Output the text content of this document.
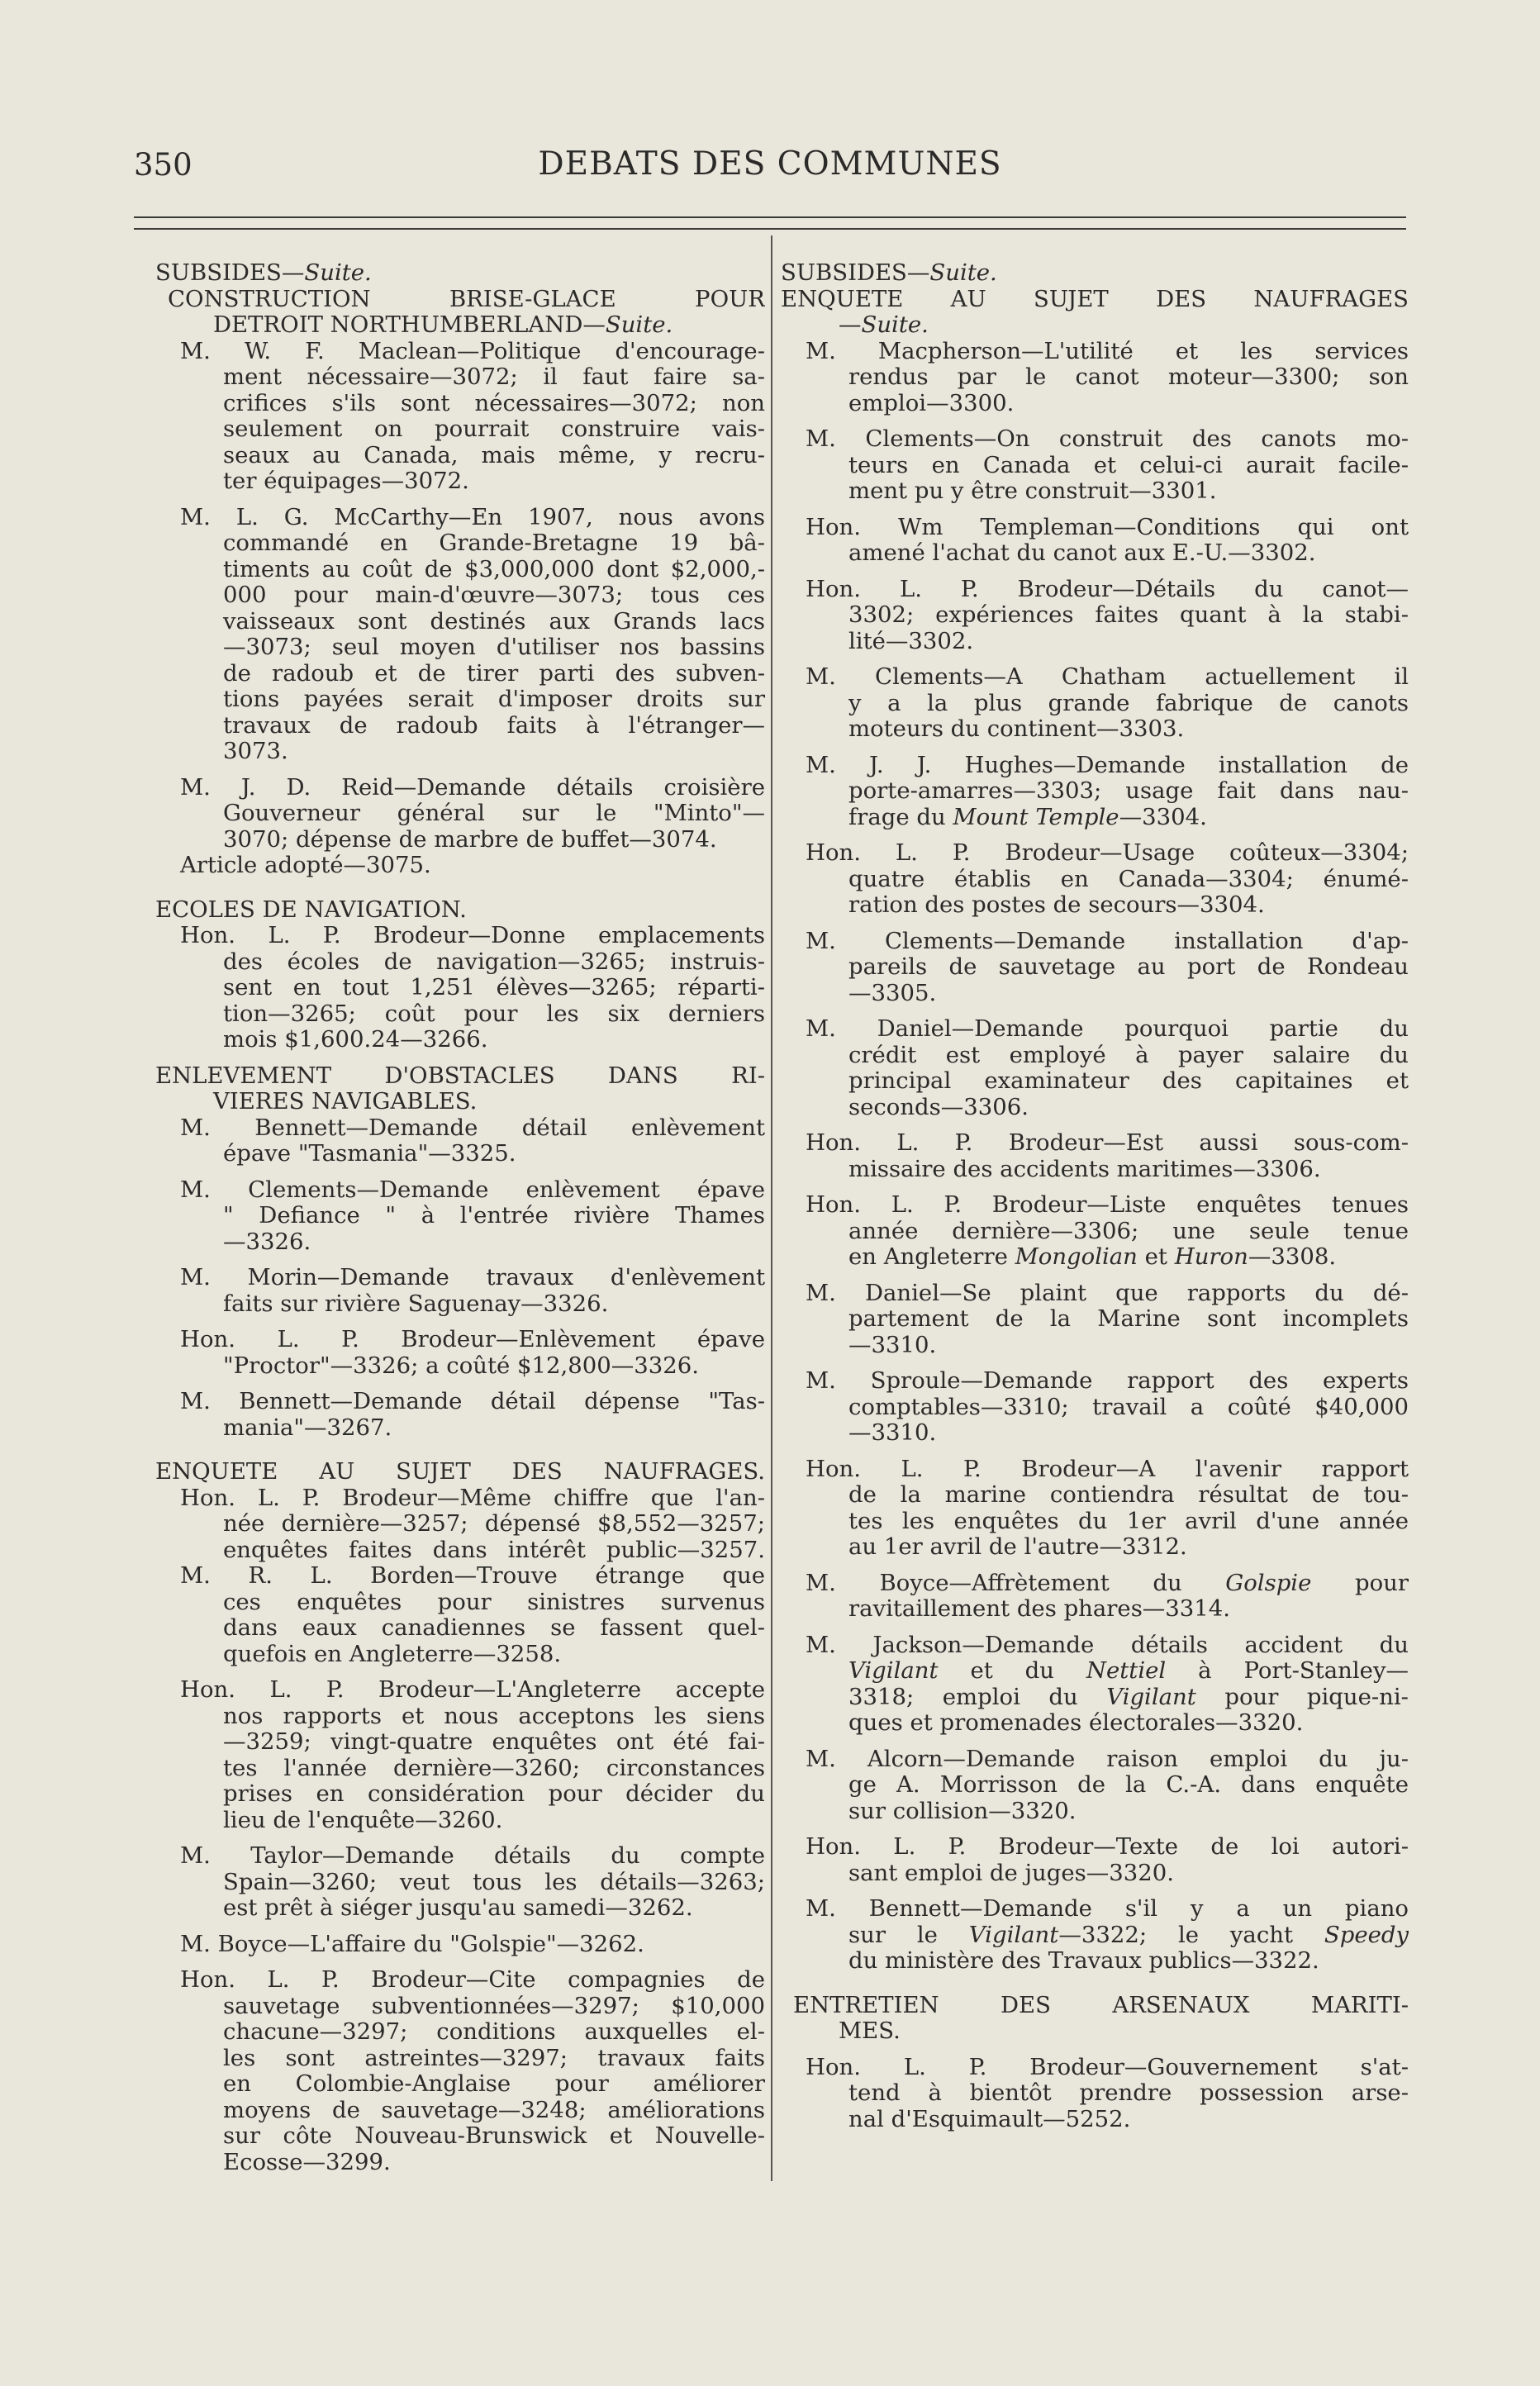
350	DEBATS DES COMMUNES
SUBSIDES—Suite.
CONSTRUCTION BRISE-GLACE POUR
DETROIT NORTHUMBERLAND—Suite.
M. W. F. Maclean—Politique d'encourage-
ment nécessaire—3072; il faut faire sa-
crifices s'ils sont nécessaires—3072; non
seulement on pourrait construire vais-
seaux au Canada, mais même, y recru-
ter équipages—3072.
M. L. G. McCarthy—En 1907, nous avons
commandé en Grande-Bretagne 19 bâ-
timents au coût de $3,000,000 dont $2,000,-
000 pour main-d'œuvre—3073; tous ces
vaisseaux sont destinés aux Grands lacs
—3073; seul moyen d'utiliser nos bassins
de radoub et de tirer parti des subven-
tions payées serait d'imposer droits sur
travaux de radoub faits à l'étranger—
3073.
M. J. D. Reid—Demande détails croisière
Gouverneur général sur le "Minto"—
3070; dépense de marbre de buffet—3074.
Article adopté—3075.
ECOLES DE NAVIGATION.
Hon. L. P. Brodeur—Donne emplacements
des écoles de navigation—3265; instruis-
sent en tout 1,251 élèves—3265; réparti-
tion—3265; coût pour les six derniers
mois $1,600.24—3266.
ENLEVEMENT D'OBSTACLES DANS RI-
VIERES NAVIGABLES.
M. Bennett—Demande détail enlèvement
épave "Tasmania"—3325.
M. Clements—Demande enlèvement épave
" Defiance " à l'entrée rivière Thames
—3326.
M. Morin—Demande travaux d'enlèvement
faits sur rivière Saguenay—3326.
Hon. L. P. Brodeur—Enlèvement épave
"Proctor"—3326; a coûté $12,800—3326.
M. Bennett—Demande détail dépense "Tas-
mania"—3267.
ENQUETE AU SUJET DES NAUFRAGES.
Hon. L. P. Brodeur—Même chiffre que l'an-
née dernière—3257; dépensé $8,552—3257;
enquêtes faites dans intérêt public—3257.
M. R. L. Borden—Trouve étrange que
ces enquêtes pour sinistres survenus
dans eaux canadiennes se fassent quel-
quefois en Angleterre—3258.
Hon. L. P. Brodeur—L'Angleterre accepte
nos rapports et nous acceptons les siens
—3259; vingt-quatre enquêtes ont été fai-
tes l'année dernière—3260; circonstances
prises en considération pour décider du
lieu de l'enquête—3260.
M. Taylor—Demande détails du compte
Spain—3260; veut tous les détails—3263;
est prêt à siéger jusqu'au samedi—3262.
M. Boyce—L'affaire du "Golspie"—3262.
Hon. L. P. Brodeur—Cite compagnies de
sauvetage subventionnées—3297; $10,000
chacune—3297; conditions auxquelles el-
les sont astreintes—3297; travaux faits
en Colombie-Anglaise pour améliorer
moyens de sauvetage—3248; améliorations
sur côte Nouveau-Brunswick et Nouvelle-
Ecosse—3299.
SUBSIDES—Suite.
ENQUETE AU SUJET DES NAUFRAGES
—Suite.
M. Macpherson—L'utilité et les services
rendus par le canot moteur—3300; son
emploi—3300.
M. Clements—On construit des canots mo-
teurs en Canada et celui-ci aurait facile-
ment pu y être construit—3301.
Hon. Wm Templeman—Conditions qui ont
amené l'achat du canot aux E.-U.—3302.
Hon. L. P. Brodeur—Détails du canot—
3302; expériences faites quant à la stabi-
lité—3302.
M. Clements—A Chatham actuellement il
y a la plus grande fabrique de canots
moteurs du continent—3303.
M. J. J. Hughes—Demande installation de
porte-amarres—3303; usage fait dans nau-
frage du Mount Temple—3304.
Hon. L. P. Brodeur—Usage coûteux—3304;
quatre établis en Canada—3304; énumé-
ration des postes de secours—3304.
M. Clements—Demande installation d'ap-
pareils de sauvetage au port de Rondeau
—3305.
M. Daniel—Demande pourquoi partie du
crédit est employé à payer salaire du
principal examinateur des capitaines et
seconds—3306.
Hon. L. P. Brodeur—Est aussi sous-com-
missaire des accidents maritimes—3306.
Hon. L. P. Brodeur—Liste enquêtes tenues
année dernière—3306; une seule tenue
en Angleterre Mongolian et Huron—3308.
M. Daniel—Se plaint que rapports du dé-
partement de la Marine sont incomplets
—3310.
M. Sproule—Demande rapport des experts
comptables—3310; travail a coûté $40,000
—3310.
Hon. L. P. Brodeur—A l'avenir rapport
de la marine contiendra résultat de tou-
tes les enquêtes du 1er avril d'une année
au 1er avril de l'autre—3312.
M. Boyce—Affrètement du Golspie pour
ravitaillement des phares—3314.
M. Jackson—Demande détails accident du
Vigilant et du Nettiel à Port-Stanley—
3318; emploi du Vigilant pour pique-ni-
ques et promenades électorales—3320.
M. Alcorn—Demande raison emploi du ju-
ge A. Morrisson de la C.-A. dans enquête
sur collision—3320.
Hon. L. P. Brodeur—Texte de loi autori-
sant emploi de juges—3320.
M. Bennett—Demande s'il y a un piano
sur le Vigilant—3322; le yacht Speedy
du ministère des Travaux publics—3322.
ENTRETIEN DES ARSENAUX MARITI-
MES.
Hon. L. P. Brodeur—Gouvernement s'at-
tend à bientôt prendre possession arse-
nal d'Esquimault—5252.
